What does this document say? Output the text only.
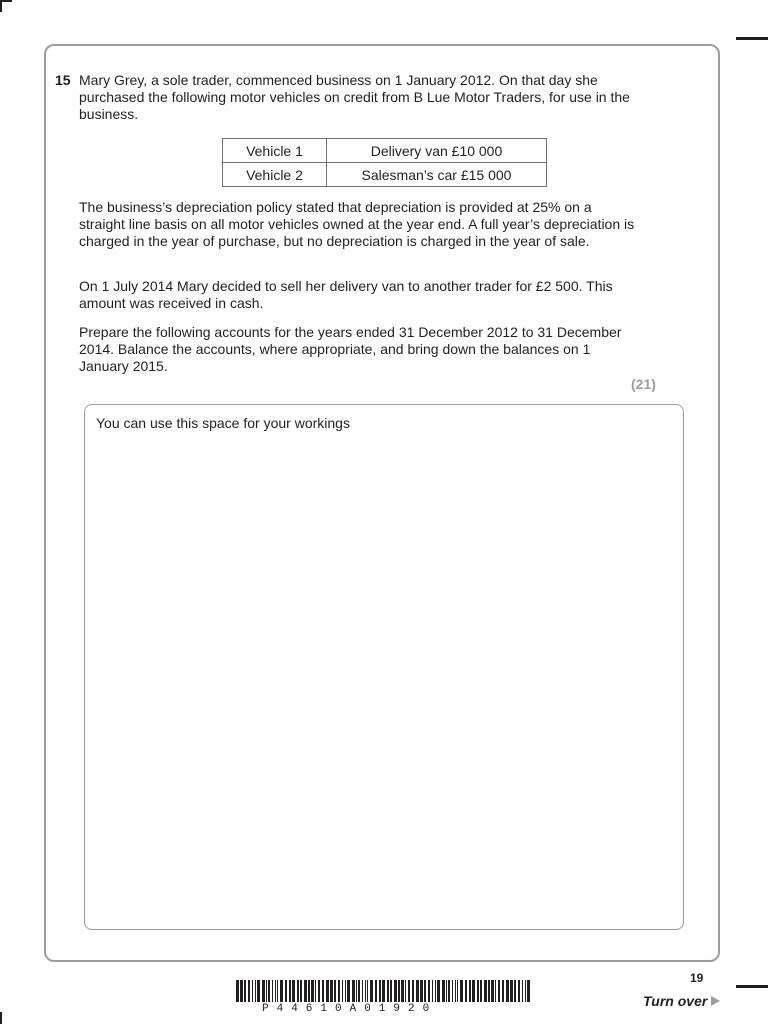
15 Mary Grey, a sole trader, commenced business on 1 January 2012. On that day she purchased the following motor vehicles on credit from B Lue Motor Traders, for use in the business.

Vehicle 1	Delivery van £10 000
Vehicle 2	Salesman’s car £15 000

The business’s depreciation policy stated that depreciation is provided at 25% on a straight line basis on all motor vehicles owned at the year end. A full year’s depreciation is charged in the year of purchase, but no depreciation is charged in the year of sale.

On 1 July 2014 Mary decided to sell her delivery van to another trader for £2 500. This amount was received in cash.

Prepare the following accounts for the years ended 31 December 2012 to 31 December 2014. Balance the accounts, where appropriate, and bring down the balances on 1 January 2015.

(21)
You can use this space for your workings
P44610A01920
19
Turn over
